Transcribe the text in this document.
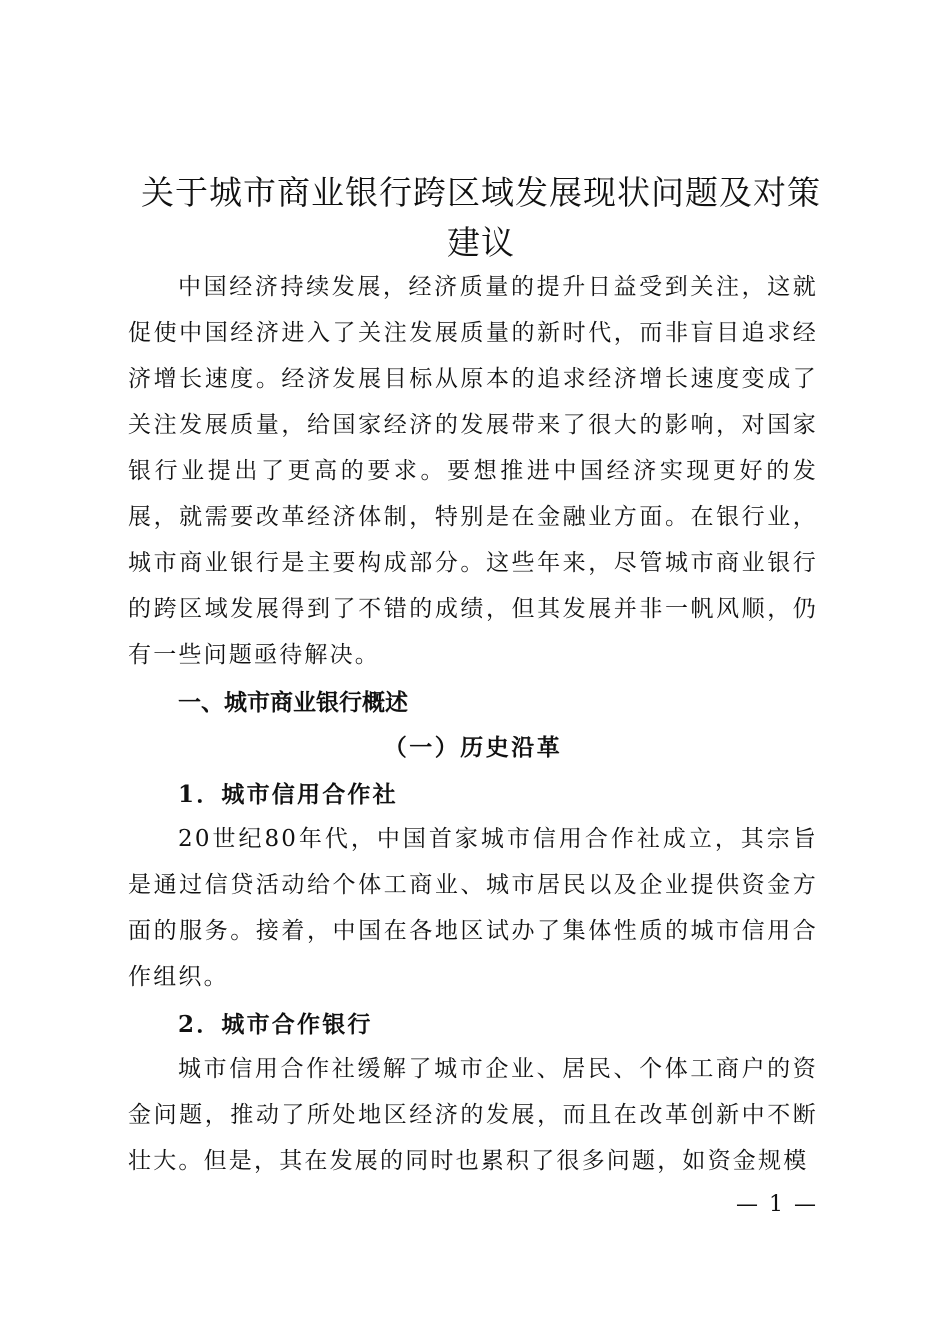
关于城市商业银行跨区域发展现状问题及对策建议

中国经济持续发展，经济质量的提升日益受到关注，这就促使中国经济进入了关注发展质量的新时代，而非盲目追求经济增长速度。经济发展目标从原本的追求经济增长速度变成了关注发展质量，给国家经济的发展带来了很大的影响，对国家银行业提出了更高的要求。要想推进中国经济实现更好的发展，就需要改革经济体制，特别是在金融业方面。在银行业，城市商业银行是主要构成部分。这些年来，尽管城市商业银行的跨区域发展得到了不错的成绩，但其发展并非一帆风顺，仍有一些问题亟待解决。

一、城市商业银行概述
（一）历史沿革
1．城市信用合作社

20世纪80年代，中国首家城市信用合作社成立，其宗旨是通过信贷活动给个体工商业、城市居民以及企业提供资金方面的服务。接着，中国在各地区试办了集体性质的城市信用合作组织。

2．城市合作银行

城市信用合作社缓解了城市企业、居民、个体工商户的资金问题，推动了所处地区经济的发展，而且在改革创新中不断壮大。但是，其在发展的同时也累积了很多问题，如资金规模

— 1 —
